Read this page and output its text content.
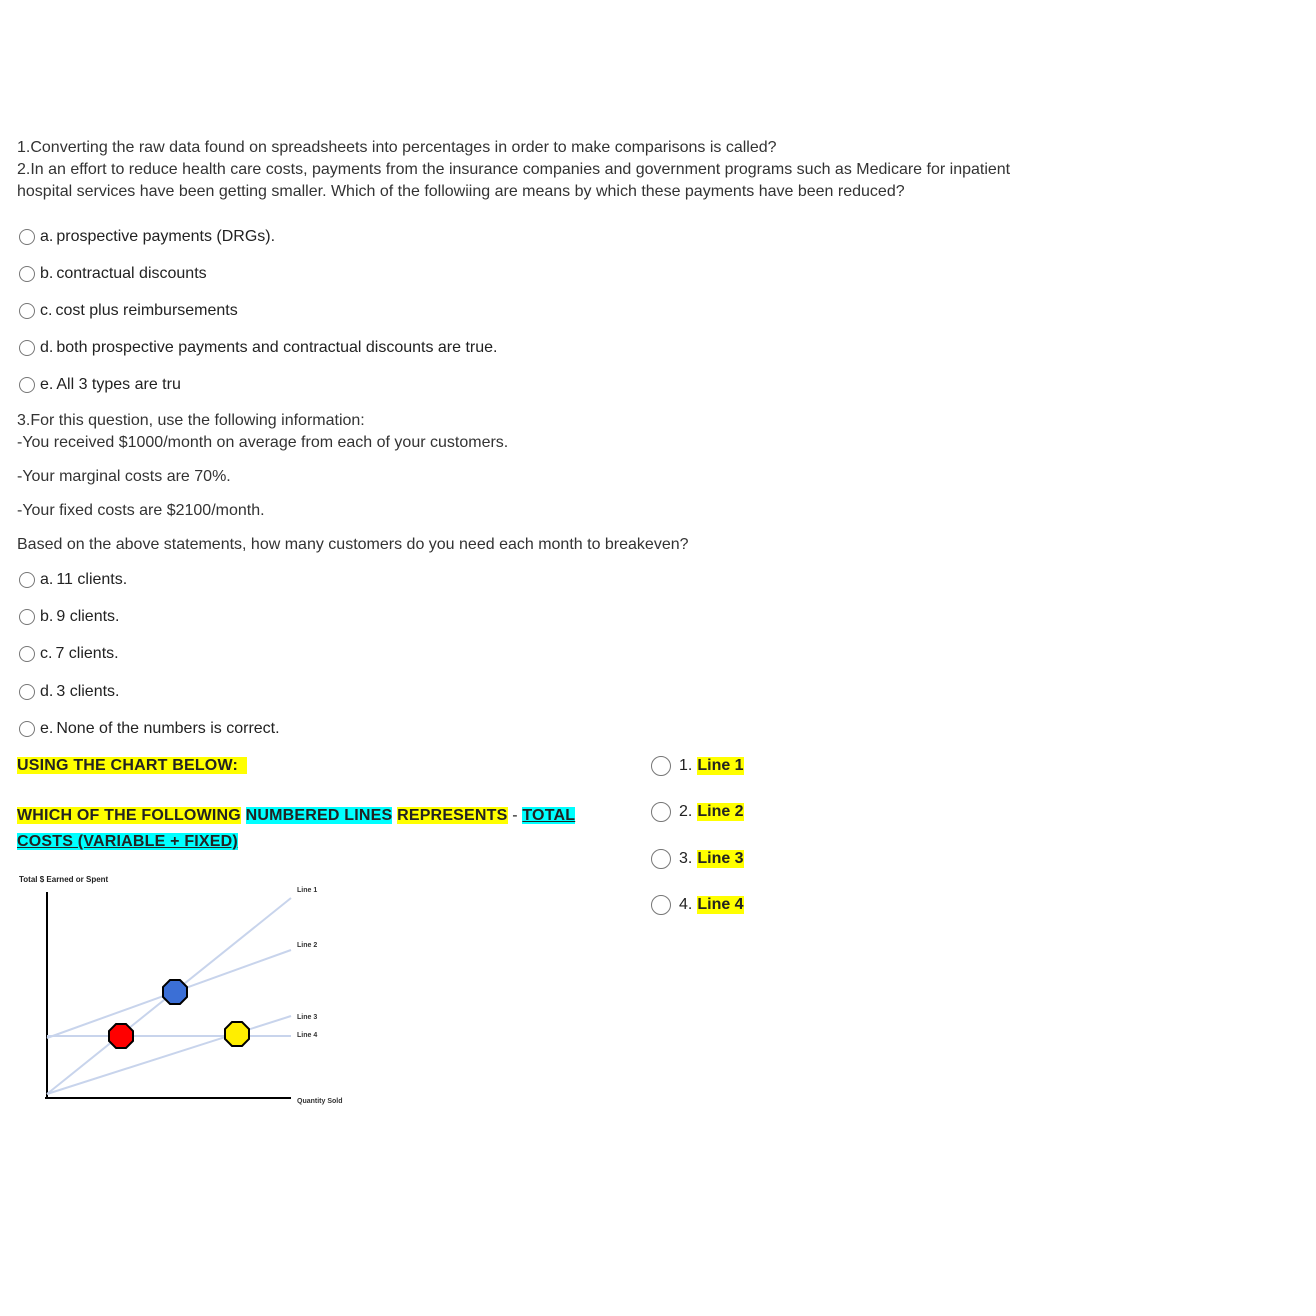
1.Converting the raw data found on spreadsheets into percentages in order to make comparisons is called?
2.In an effort to reduce health care costs, payments from the insurance companies and government programs such as Medicare for inpatient hospital services have been getting smaller. Which of the followiing are means by which these payments have been reduced?
a. prospective payments (DRGs).
b. contractual discounts
c. cost plus reimbursements
d. both prospective payments and contractual discounts are true.
e. All 3 types are tru
3.For this question, use the following information:
-You received $1000/month on average from each of your customers.
-Your marginal costs are 70%.
-Your fixed costs are $2100/month.
Based on the above statements, how many customers do you need each month to breakeven?
a. 11 clients.
b. 9 clients.
c. 7 clients.
d. 3 clients.
e. None of the numbers is correct.
USING THE CHART BELOW:
WHICH OF THE FOLLOWING NUMBERED LINES REPRESENTS - TOTAL
COSTS (VARIABLE + FIXED)
Total $ Earned or Spent
Line 1
Line 2
Line 3
Line 4
Quantity Sold
1. Line 1
2. Line 2
3. Line 3
4. Line 4
